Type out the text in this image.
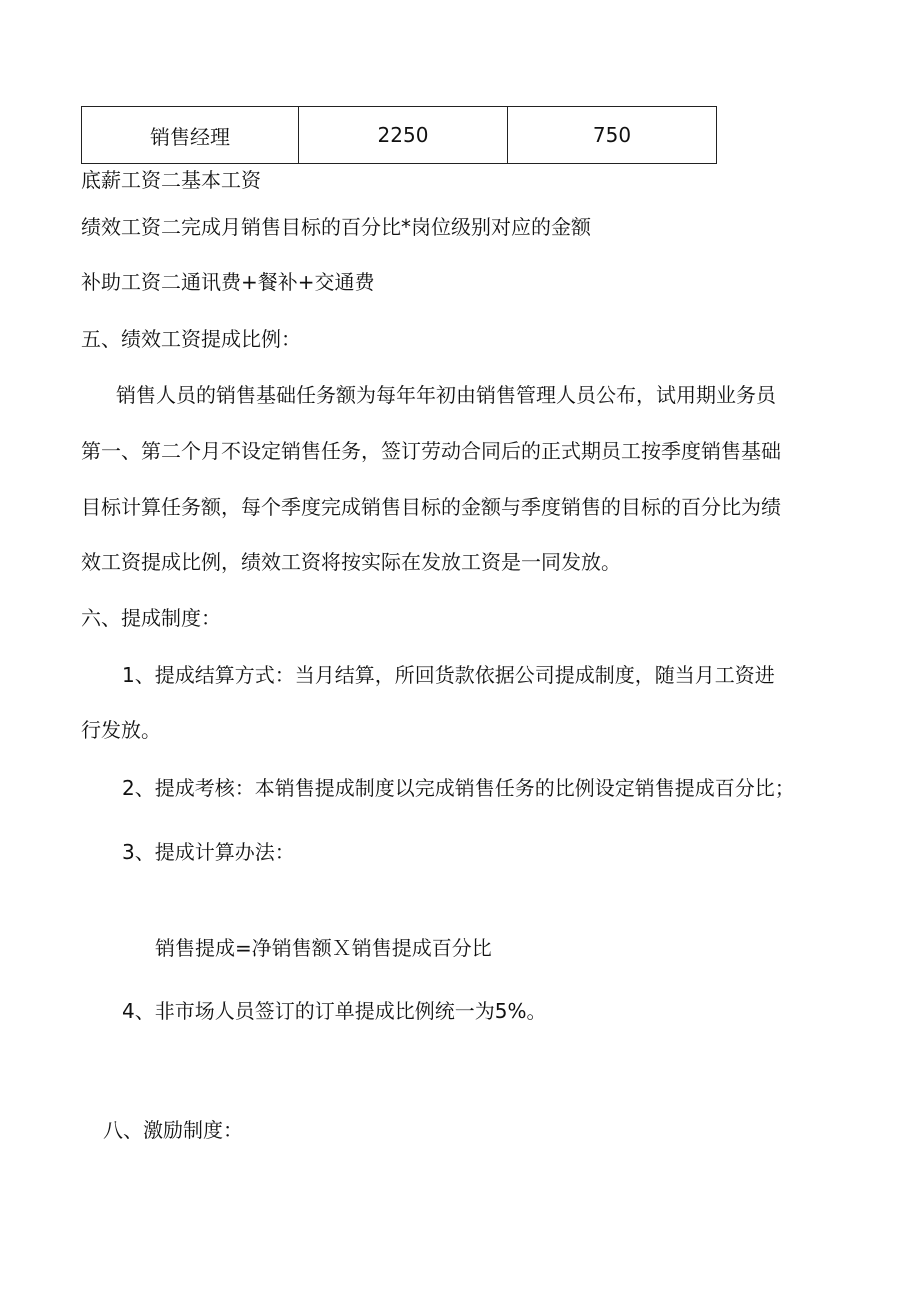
销售经理	2250	750

底薪工资二基本工资

绩效工资二完成月销售目标的百分比*岗位级别对应的金额

补助工资二通讯费+餐补+交通费

五、绩效工资提成比例：

销售人员的销售基础任务额为每年年初由销售管理人员公布，试用期业务员

第一、第二个月不设定销售任务，签订劳动合同后的正式期员工按季度销售基础

目标计算任务额，每个季度完成销售目标的金额与季度销售的目标的百分比为绩

效工资提成比例，绩效工资将按实际在发放工资是一同发放。

六、提成制度：

1、提成结算方式：当月结算，所回货款依据公司提成制度，随当月工资进

行发放。

2、提成考核：本销售提成制度以完成销售任务的比例设定销售提成百分比；

3、提成计算办法：

销售提成=净销售额Ｘ销售提成百分比

4、非市场人员签订的订单提成比例统一为5%。

八、激励制度：
